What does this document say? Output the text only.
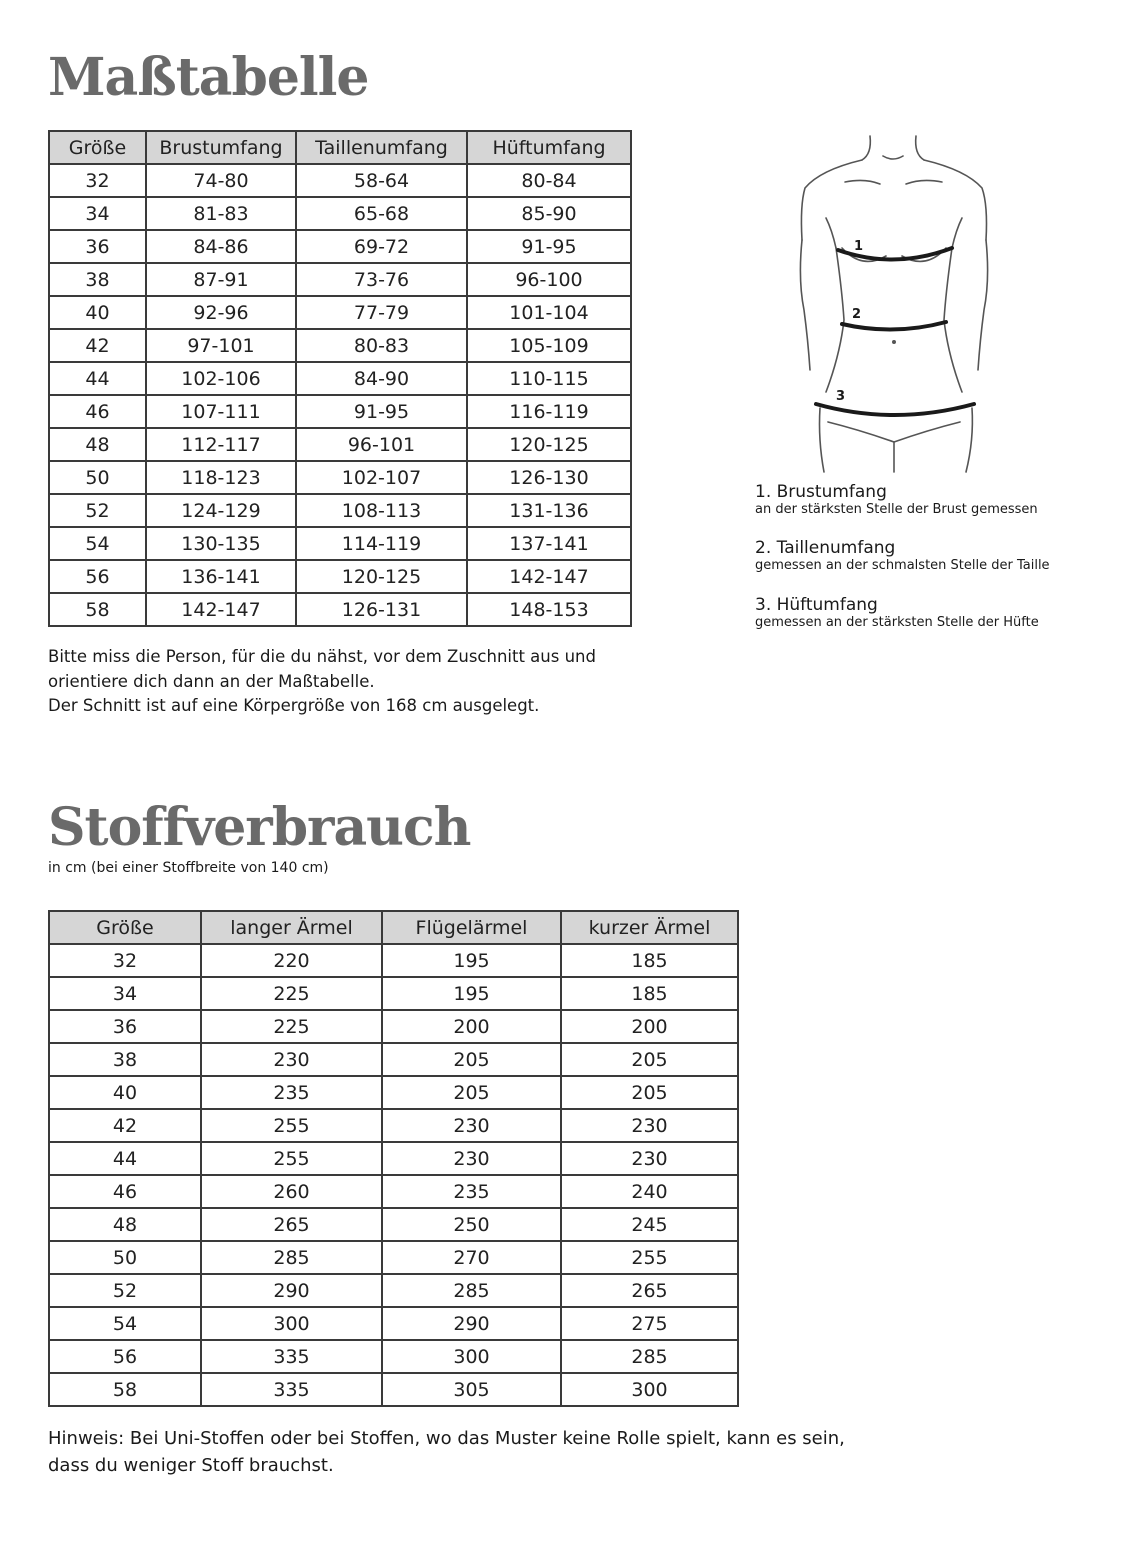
Maßtabelle
Größe	Brustumfang	Taillenumfang	Hüftumfang
32	74-80	58-64	80-84
34	81-83	65-68	85-90
36	84-86	69-72	91-95
38	87-91	73-76	96-100
40	92-96	77-79	101-104
42	97-101	80-83	105-109
44	102-106	84-90	110-115
46	107-111	91-95	116-119
48	112-117	96-101	120-125
50	118-123	102-107	126-130
52	124-129	108-113	131-136
54	130-135	114-119	137-141
56	136-141	120-125	142-147
58	142-147	126-131	148-153

Bitte miss die Person, für die du nähst, vor dem Zuschnitt aus und
orientiere dich dann an der Maßtabelle.
Der Schnitt ist auf eine Körpergröße von 168 cm ausgelegt.

1
2
3
1. Brustumfang
an der stärksten Stelle der Brust gemessen
2. Taillenumfang
gemessen an der schmalsten Stelle der Taille
3. Hüftumfang
gemessen an der stärksten Stelle der Hüfte
Stoffverbrauch

in cm (bei einer Stoffbreite von 140 cm)

Größe	langer Ärmel	Flügelärmel	kurzer Ärmel
32	220	195	185
34	225	195	185
36	225	200	200
38	230	205	205
40	235	205	205
42	255	230	230
44	255	230	230
46	260	235	240
48	265	250	245
50	285	270	255
52	290	285	265
54	300	290	275
56	335	300	285
58	335	305	300

Hinweis: Bei Uni-Stoffen oder bei Stoffen, wo das Muster keine Rolle spielt, kann es sein,
dass du weniger Stoff brauchst.
